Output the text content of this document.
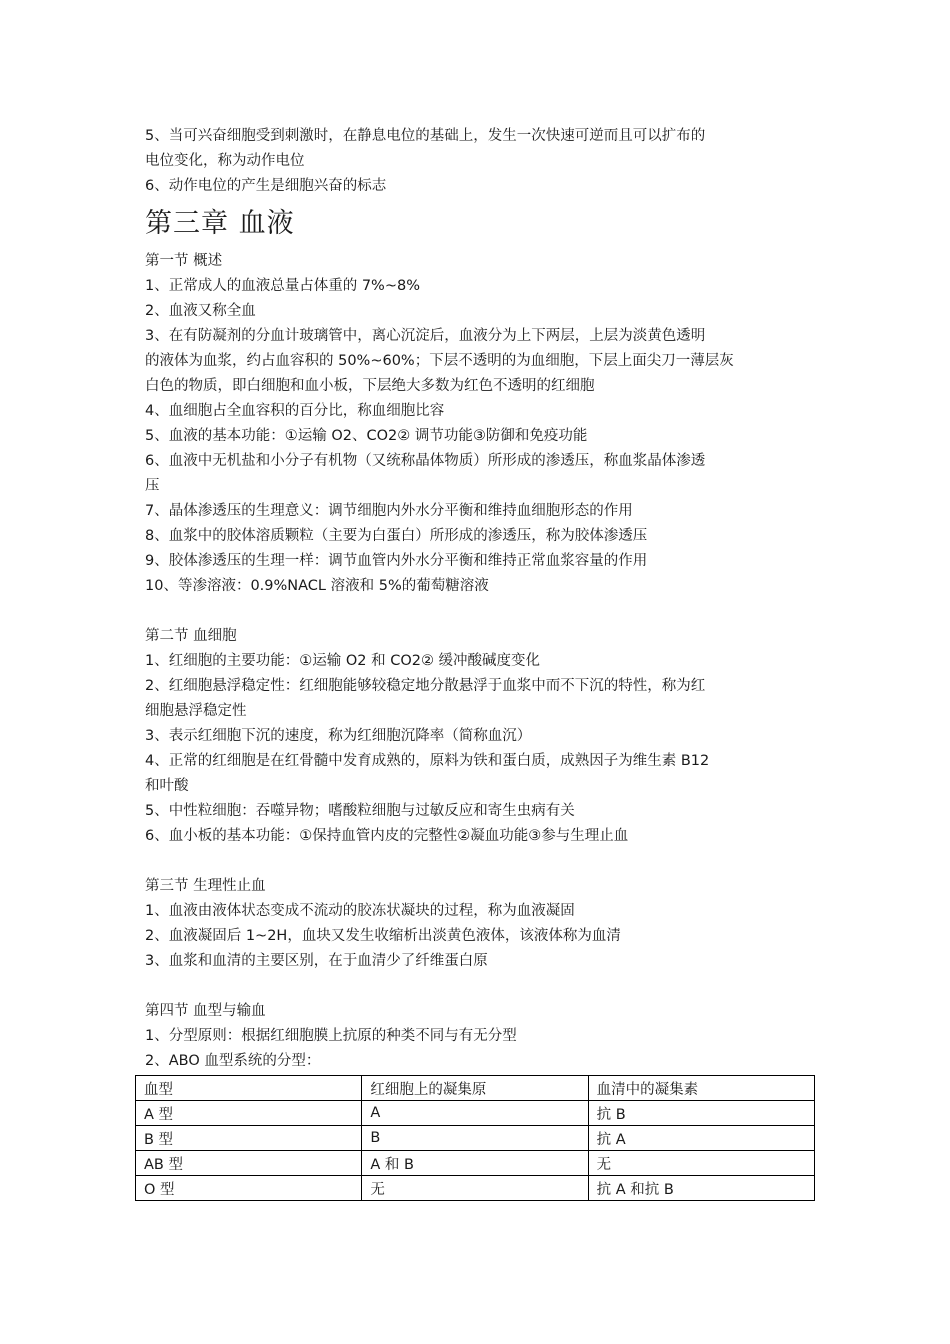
5、当可兴奋细胞受到刺激时，在静息电位的基础上，发生一次快速可逆而且可以扩布的
电位变化，称为动作电位
6、动作电位的产生是细胞兴奋的标志
第三章 血液
第一节 概述
1、正常成人的血液总量占体重的 7%~8%
2、血液又称全血
3、在有防凝剂的分血计玻璃管中，离心沉淀后，血液分为上下两层，上层为淡黄色透明
的液体为血浆，约占血容积的 50%~60%；下层不透明的为血细胞，下层上面尖刀一薄层灰
白色的物质，即白细胞和血小板，下层绝大多数为红色不透明的红细胞
4、血细胞占全血容积的百分比，称血细胞比容
5、血液的基本功能：①运输 O2、CO2② 调节功能③防御和免疫功能
6、血液中无机盐和小分子有机物（又统称晶体物质）所形成的渗透压，称血浆晶体渗透
压
7、晶体渗透压的生理意义：调节细胞内外水分平衡和维持血细胞形态的作用
8、血浆中的胶体溶质颗粒（主要为白蛋白）所形成的渗透压，称为胶体渗透压
9、胶体渗透压的生理一样：调节血管内外水分平衡和维持正常血浆容量的作用
10、等渗溶液：0.9%NACL 溶液和 5%的葡萄糖溶液
第二节 血细胞
1、红细胞的主要功能：①运输 O2 和 CO2② 缓冲酸碱度变化
2、红细胞悬浮稳定性：红细胞能够较稳定地分散悬浮于血浆中而不下沉的特性，称为红
细胞悬浮稳定性
3、表示红细胞下沉的速度，称为红细胞沉降率（简称血沉）
4、正常的红细胞是在红骨髓中发育成熟的，原料为铁和蛋白质，成熟因子为维生素 B12
和叶酸
5、中性粒细胞：吞噬异物；嗜酸粒细胞与过敏反应和寄生虫病有关
6、血小板的基本功能：①保持血管内皮的完整性②凝血功能③参与生理止血
第三节 生理性止血
1、血液由液体状态变成不流动的胶冻状凝块的过程，称为血液凝固
2、血液凝固后 1~2H，血块又发生收缩析出淡黄色液体，该液体称为血清
3、血浆和血清的主要区别，在于血清少了纤维蛋白原
第四节 血型与输血
1、分型原则：根据红细胞膜上抗原的种类不同与有无分型
2、ABO 血型系统的分型：
血型	红细胞上的凝集原	血清中的凝集素
A 型	A	抗 B
B 型	B	抗 A
AB 型	A 和 B	无
O 型	无	抗 A 和抗 B
